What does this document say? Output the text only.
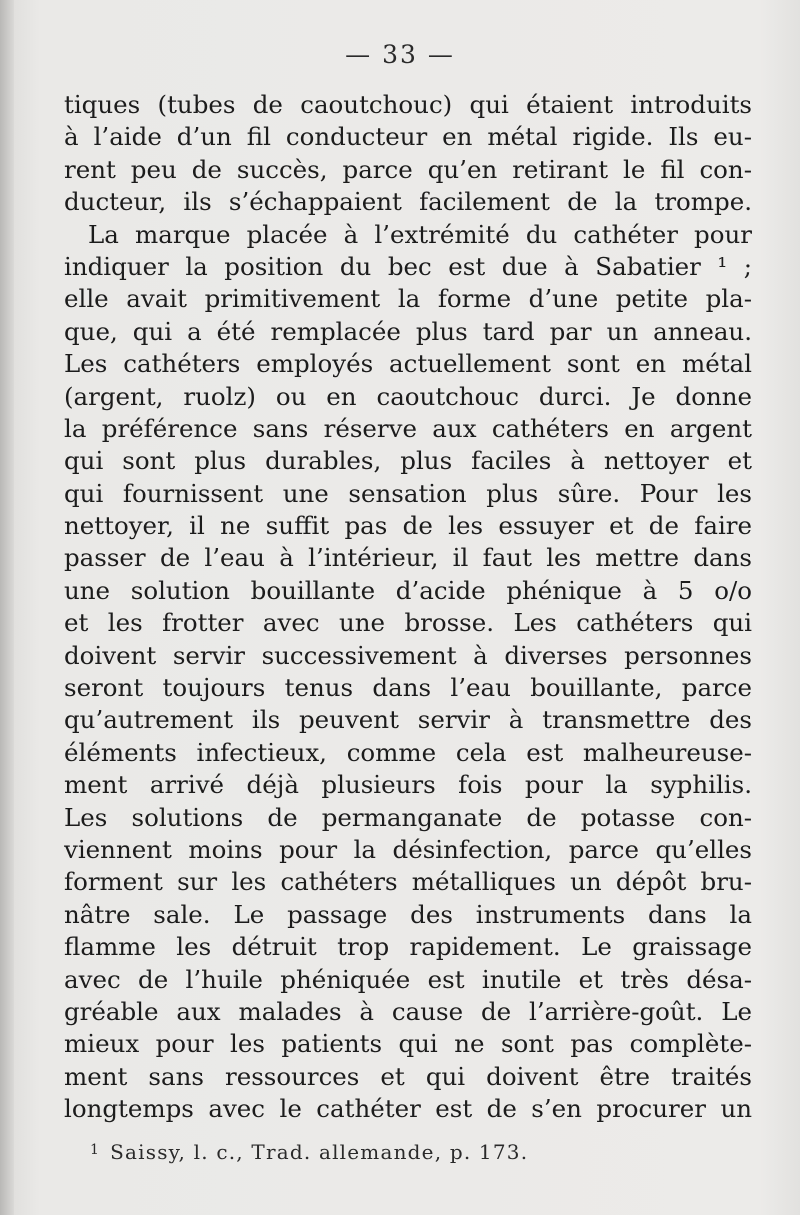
— 33 —
tiques (tubes de caoutchouc) qui étaient introduits
à l’aide d’un fil conducteur en métal rigide. Ils eu-
rent peu de succès, parce qu’en retirant le fil con-
ducteur, ils s’échappaient facilement de la trompe.
La marque placée à l’extrémité du cathéter pour
indiquer la position du bec est due à Sabatier ¹ ;
elle avait primitivement la forme d’une petite pla-
que, qui a été remplacée plus tard par un anneau.
Les cathéters employés actuellement sont en métal
(argent, ruolz) ou en caoutchouc durci. Je donne
la préférence sans réserve aux cathéters en argent
qui sont plus durables, plus faciles à nettoyer et
qui fournissent une sensation plus sûre. Pour les
nettoyer, il ne suffit pas de les essuyer et de faire
passer de l’eau à l’intérieur, il faut les mettre dans
une solution bouillante d’acide phénique à 5 o/o
et les frotter avec une brosse. Les cathéters qui
doivent servir successivement à diverses personnes
seront toujours tenus dans l’eau bouillante, parce
qu’autrement ils peuvent servir à transmettre des
éléments infectieux, comme cela est malheureuse-
ment arrivé déjà plusieurs fois pour la syphilis.
Les solutions de permanganate de potasse con-
viennent moins pour la désinfection, parce qu’elles
forment sur les cathéters métalliques un dépôt bru-
nâtre sale. Le passage des instruments dans la
flamme les détruit trop rapidement. Le graissage
avec de l’huile phéniquée est inutile et très désa-
gréable aux malades à cause de l’arrière-goût. Le
mieux pour les patients qui ne sont pas complète-
ment sans ressources et qui doivent être traités
longtemps avec le cathéter est de s’en procurer un
$^1$ Saissy, l. c., Trad. allemande, p. 173.
